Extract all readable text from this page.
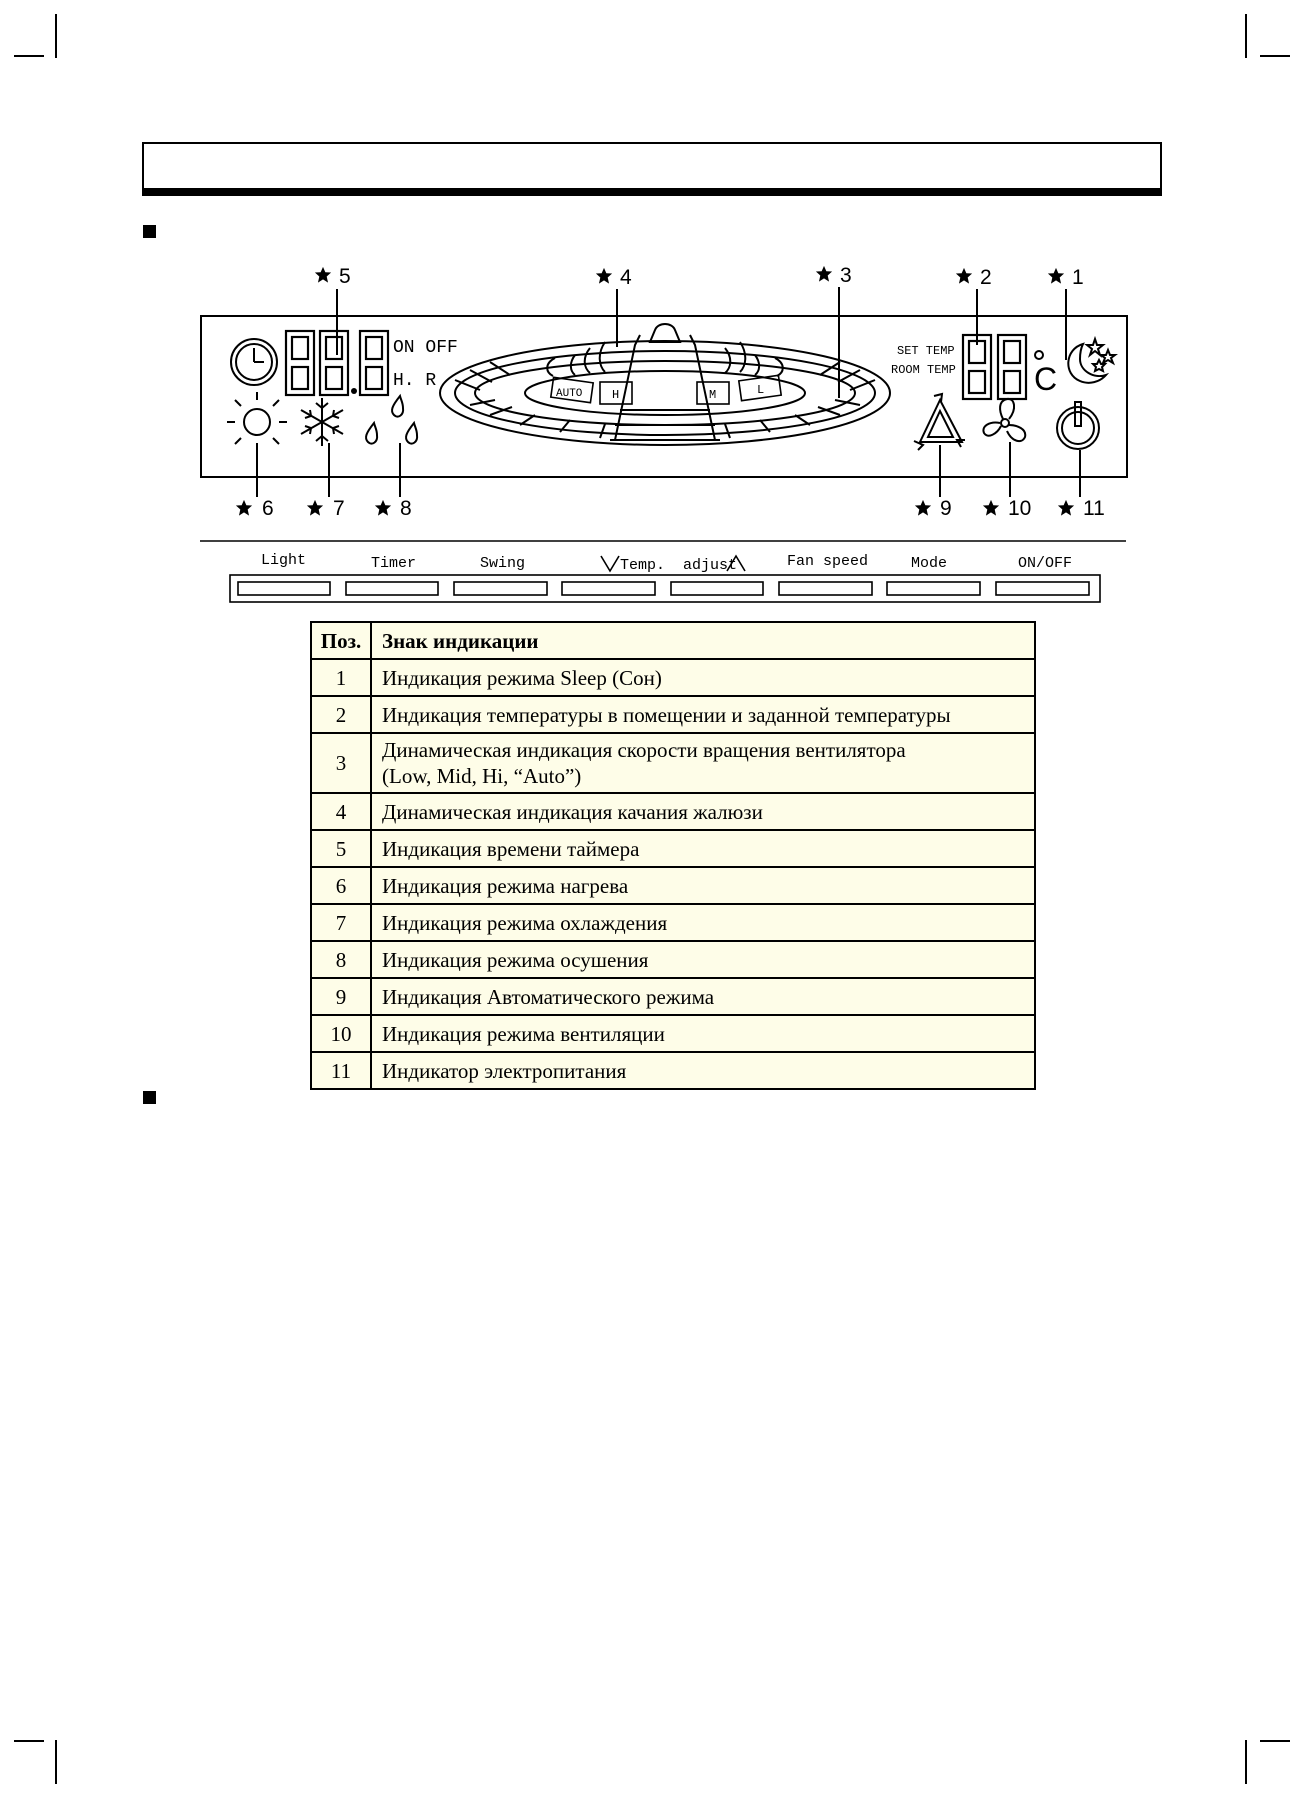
ON OFF
H. R
AUTO H	M	L
SET TEMP
ROOM TEMP C
1
2
3
4
5
6	7	8	9	10 11
Light	Timer	Swing	Temp.  adjust	Fan speed	Mode	ON/OFF
Поз.	Знак индикации
1	Индикация режима Sleep (Сон)
2	Индикация температуры в помещении и заданной температуры
3	Динамическая индикация скорости вращения вентилятора
(Low, Mid, Hi, “Auto”)

4	Динамическая индикация качания жалюзи
5	Индикация времени таймера
6	Индикация режима нагрева
7	Индикация режима охлаждения
8	Индикация режима осушения
9	Индикация Автоматического режима
10	Индикация режима вентиляции
11	Индикатор электропитания
